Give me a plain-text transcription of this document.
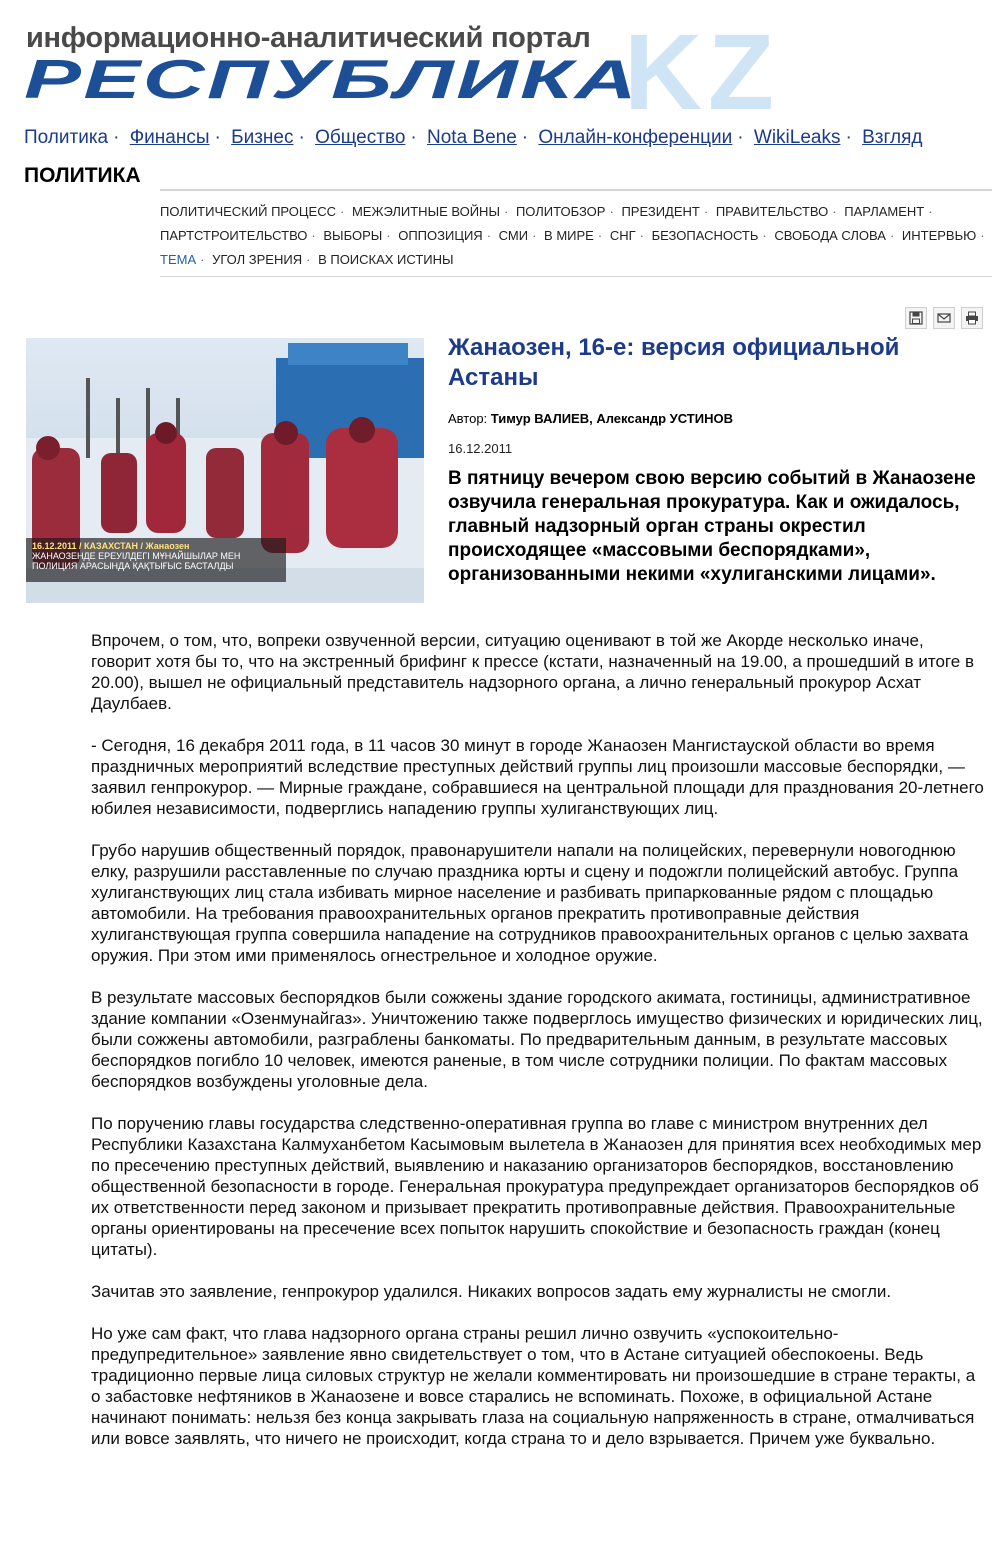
KZ
информационно-аналитический портал
РЕСПУБЛИКА
Политика · Финансы · Бизнес · Общество · Nota Bene · Онлайн-конференции · WikiLeaks · Взгляд
ПОЛИТИКА
ПОЛИТИЧЕСКИЙ ПРОЦЕСС · МЕЖЭЛИТНЫЕ ВОЙНЫ · ПОЛИТОБЗОР · ПРЕЗИДЕНТ · ПРАВИТЕЛЬСТВО · ПАРЛАМЕНТ ·
ПАРТСТРОИТЕЛЬСТВО · ВЫБОРЫ · ОППОЗИЦИЯ · СМИ · В МИРЕ · СНГ · БЕЗОПАСНОСТЬ · СВОБОДА СЛОВА · ИНТЕРВЬЮ ·
ТЕМА · УГОЛ ЗРЕНИЯ · В ПОИСКАХ ИСТИНЫ
16.12.2011 / КАЗАХСТАН / Жанаозен
ЖАНАОЗЕНДЕ ЕРЕУІЛДЕГІ МҰНАЙШЫЛАР МЕН ПОЛИЦИЯ АРАСЫНДА ҚАҚТЫҒЫС БАСТАЛДЫ
Жанаозен, 16-е: версия официальной Астаны
Автор: Тимур ВАЛИЕВ, Александр УСТИНОВ
16.12.2011
В пятницу вечером свою версию событий в Жанаозене озвучила генеральная прокуратура. Как и ожидалось, главный надзорный орган страны окрестил происходящее «массовыми беспорядками», организованными некими «хулиганскими лицами».

Впрочем, о том, что, вопреки озвученной версии, ситуацию оценивают в той же Акорде несколько иначе, говорит хотя бы то, что на экстренный брифинг к прессе (кстати, назначенный на 19.00, а прошедший в итоге в 20.00), вышел не официальный представитель надзорного органа, а лично генеральный прокурор Асхат Даулбаев.

- Сегодня, 16 декабря 2011 года, в 11 часов 30 минут в городе Жанаозен Мангистауской области во время праздничных мероприятий вследствие преступных действий группы лиц произошли массовые беспорядки, — заявил генпрокурор. — Мирные граждане, собравшиеся на центральной площади для празднования 20-летнего юбилея независимости, подверглись нападению группы хулиганствующих лиц.

Грубо нарушив общественный порядок, правонарушители напали на полицейских, перевернули новогоднюю елку, разрушили расставленные по случаю праздника юрты и сцену и подожгли полицейский автобус. Группа хулиганствующих лиц стала избивать мирное население и разбивать припаркованные рядом с площадью автомобили. На требования правоохранительных органов прекратить противоправные действия хулиганствующая группа совершила нападение на сотрудников правоохранительных органов с целью захвата оружия. При этом ими применялось огнестрельное и холодное оружие.

В результате массовых беспорядков были сожжены здание городского акимата, гостиницы, административное здание компании «Озенмунайгаз». Уничтожению также подверглось имущество физических и юридических лиц, были сожжены автомобили, разграблены банкоматы. По предварительным данным, в результате массовых беспорядков погибло 10 человек, имеются раненые, в том числе сотрудники полиции. По фактам массовых беспорядков возбуждены уголовные дела.

По поручению главы государства следственно-оперативная группа во главе с министром внутренних дел Республики Казахстана Калмуханбетом Касымовым вылетела в Жанаозен для принятия всех необходимых мер по пресечению преступных действий, выявлению и наказанию организаторов беспорядков, восстановлению общественной безопасности в городе. Генеральная прокуратура предупреждает организаторов беспорядков об их ответственности перед законом и призывает прекратить противоправные действия. Правоохранительные органы ориентированы на пресечение всех попыток нарушить спокойствие и безопасность граждан (конец цитаты).

Зачитав это заявление, генпрокурор удалился. Никаких вопросов задать ему журналисты не смогли.

Но уже сам факт, что глава надзорного органа страны решил лично озвучить «успокоительно-предупредительное» заявление явно свидетельствует о том, что в Астане ситуацией обеспокоены. Ведь традиционно первые лица силовых структур не желали комментировать ни произошедшие в стране теракты, а о забастовке нефтяников в Жанаозене и вовсе старались не вспоминать. Похоже, в официальной Астане начинают понимать: нельзя без конца закрывать глаза на социальную напряженность в стране, отмалчиваться или вовсе заявлять, что ничего не происходит, когда страна то и дело взрывается. Причем уже буквально.
